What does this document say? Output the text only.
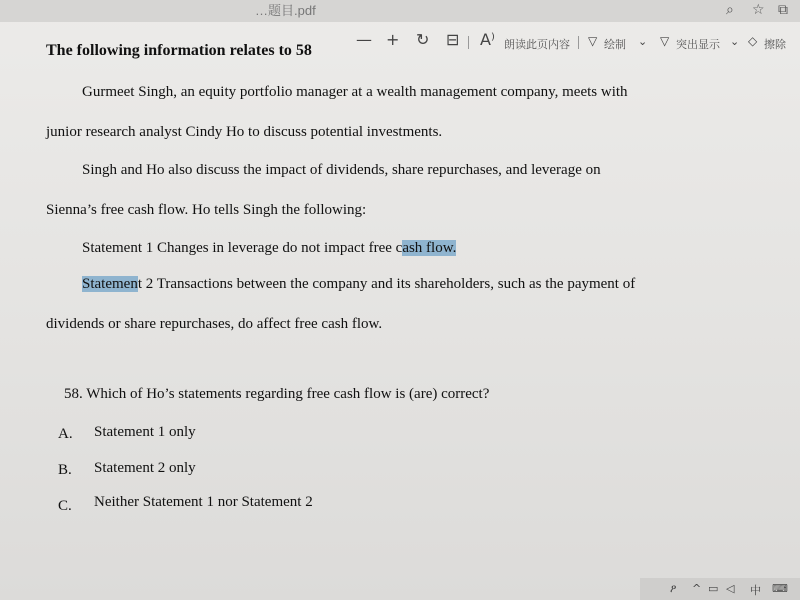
…题目.pdf	⌕ ☆ ⧉
— + ↻ ⊟ A⁾ 朗读此页内容 ▽ 绘制 ⌄ ▽ 突出显示 ⌄ ◇ 擦除
The following information relates to 58

Gurmeet Singh, an equity portfolio manager at a wealth management company, meets with

junior research analyst Cindy Ho to discuss potential investments.

Singh and Ho also discuss the impact of dividends, share repurchases, and leverage on

Sienna’s free cash flow. Ho tells Singh the following:

Statement 1 Changes in leverage do not impact free cash flow.

Statement 2 Transactions between the company and its shareholders, such as the payment of

dividends or share repurchases, do affect free cash flow.

58. Which of Ho’s statements regarding free cash flow is (are) correct?

A. Statement 1 only

B. Statement 2 only

C. Neither Statement 1 nor Statement 2

ዖ ^ ▭ ◁ 中 ⌨
